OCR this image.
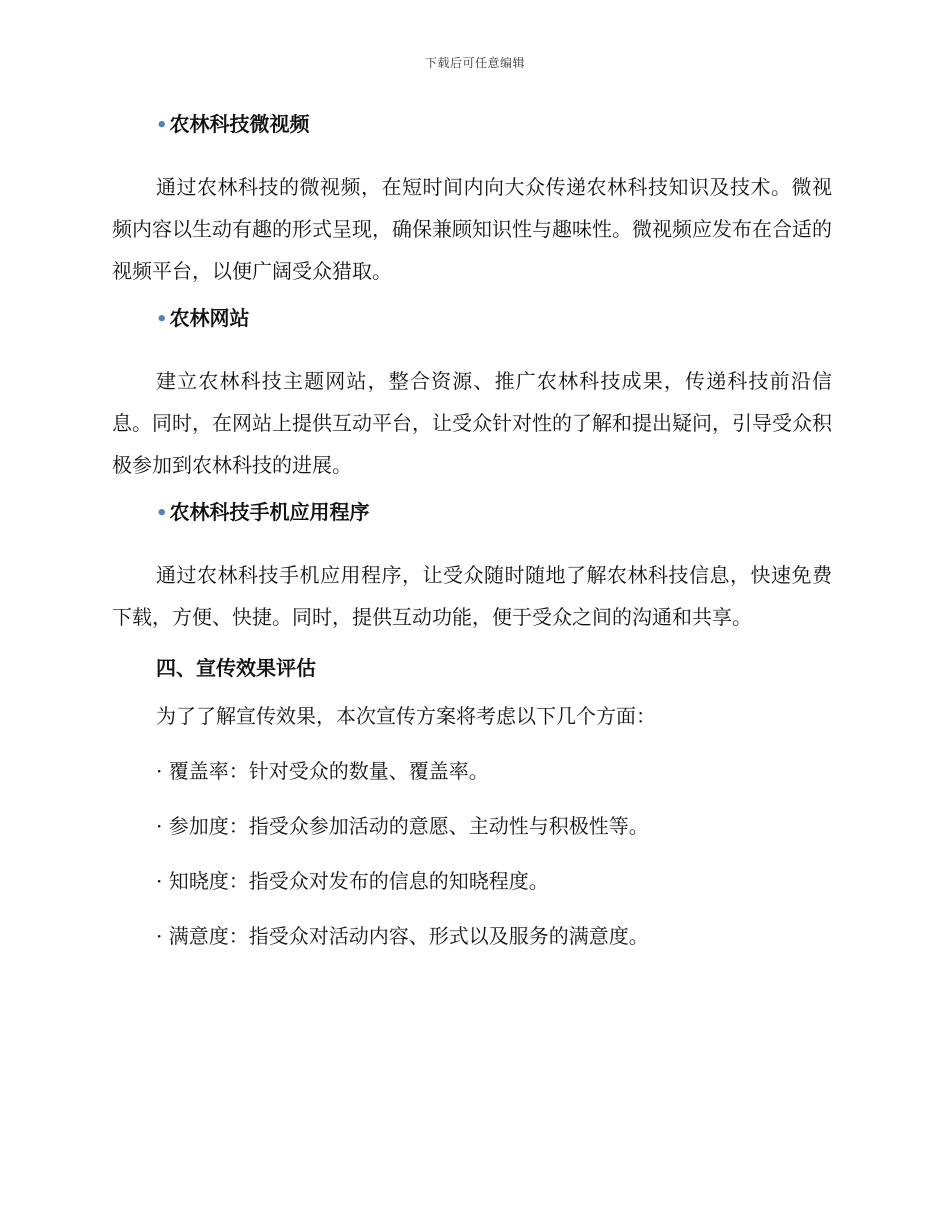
下载后可任意编辑
• 农林科技微视频

通过农林科技的微视频，在短时间内向大众传递农林科技知识及技术。微视频内容以生动有趣的形式呈现，确保兼顾知识性与趣味性。微视频应发布在合适的视频平台，以便广阔受众猎取。

• 农林网站

建立农林科技主题网站，整合资源、推广农林科技成果，传递科技前沿信息。同时，在网站上提供互动平台，让受众针对性的了解和提出疑问，引导受众积极参加到农林科技的进展。

• 农林科技手机应用程序

通过农林科技手机应用程序，让受众随时随地了解农林科技信息，快速免费下载，方便、快捷。同时，提供互动功能，便于受众之间的沟通和共享。

四、宣传效果评估
为了了解宣传效果，本次宣传方案将考虑以下几个方面：
· 覆盖率：针对受众的数量、覆盖率。
· 参加度：指受众参加活动的意愿、主动性与积极性等。
· 知晓度：指受众对发布的信息的知晓程度。
· 满意度：指受众对活动内容、形式以及服务的满意度。
